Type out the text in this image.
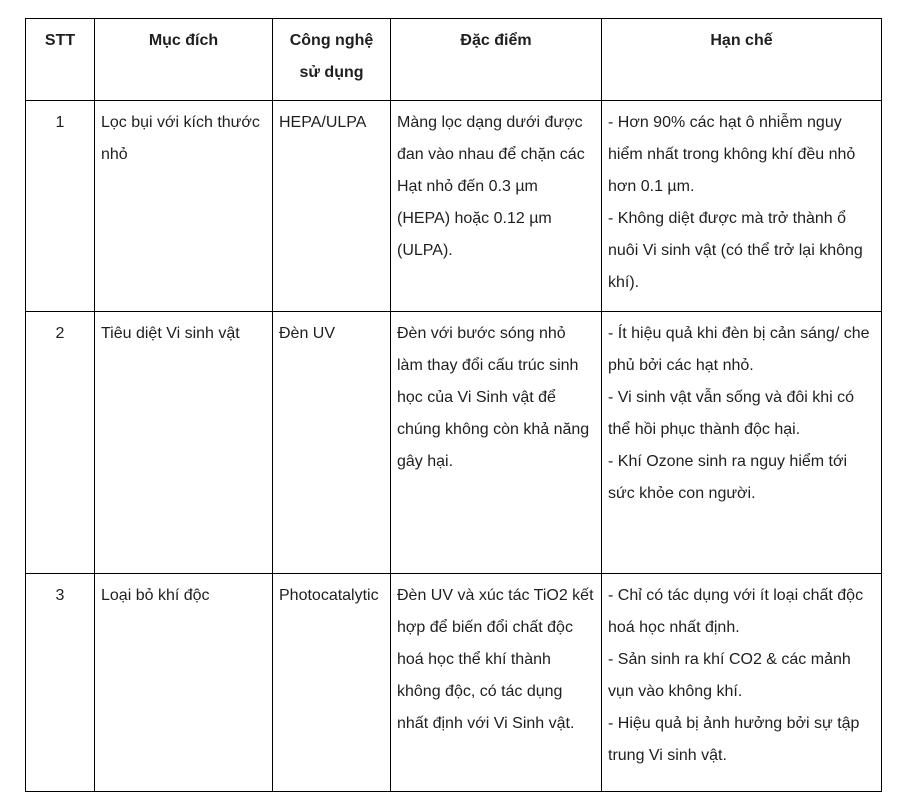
STT	Mục đích	Công nghệ sử dụng	Đặc điểm	Hạn chế
1	Lọc bụi với kích thước nhỏ	HEPA/ULPA	Màng lọc dạng dưới được đan vào nhau để chặn các Hạt nhỏ đến 0.3 µm (HEPA) hoặc 0.12 µm (ULPA).	- Hơn 90% các hạt ô nhiễm nguy hiểm nhất trong không khí đều nhỏ hơn 0.1 µm.
- Không diệt được mà trở thành ổ nuôi Vi sinh vật (có thể trở lại không khí).

2	Tiêu diệt Vi sinh vật	Đèn UV	Đèn với bước sóng nhỏ làm thay đổi cấu trúc sinh học của Vi Sinh vật để chúng không còn khả năng gây hại.	- Ít hiệu quả khi đèn bị cản sáng/ che phủ bởi các hạt nhỏ.
- Vi sinh vật vẫn sống và đôi khi có thể hồi phục thành độc hại.
- Khí Ozone sinh ra nguy hiểm tới sức khỏe con người.

3	Loại bỏ khí độc	Photocatalytic	Đèn UV và xúc tác TiO2 kết hợp để biến đổi chất độc hoá học thể khí thành không độc, có tác dụng nhất định với Vi Sinh vật.	- Chỉ có tác dụng với ít loại chất độc hoá học nhất định.
- Sản sinh ra khí CO2 & các mảnh vụn vào không khí.
- Hiệu quả bị ảnh hưởng bởi sự tập trung Vi sinh vật.
